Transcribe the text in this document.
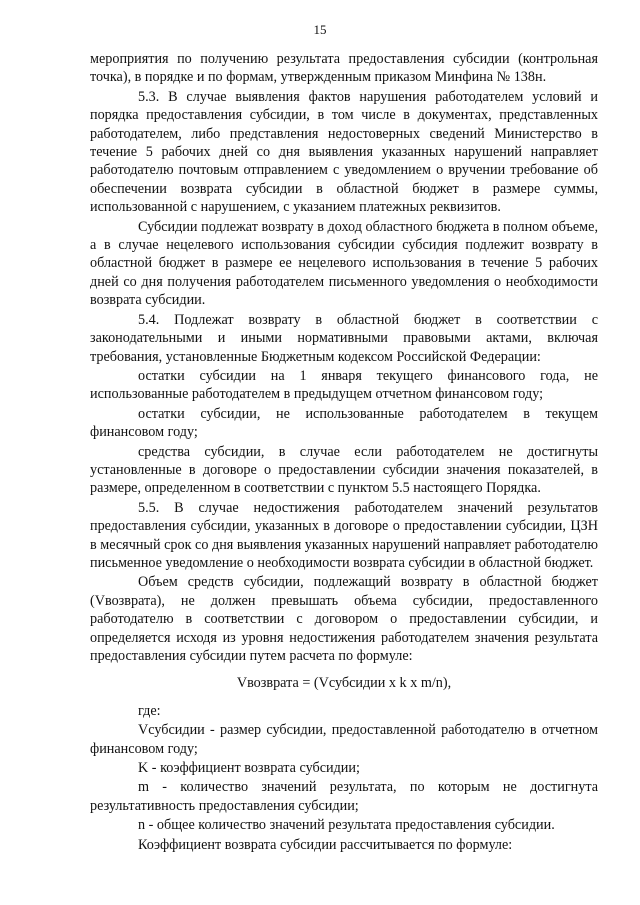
15

мероприятия по получению результата предоставления субсидии (контрольная точка), в порядке и по формам, утвержденным приказом Минфина № 138н.

5.3. В случае выявления фактов нарушения работодателем условий и порядка предоставления субсидии, в том числе в документах, представленных работодателем, либо представления недостоверных сведений Министерство в течение 5 рабочих дней со дня выявления указанных нарушений направляет работодателю почтовым отправлением с уведомлением о вручении требование об обеспечении возврата субсидии в областной бюджет в размере суммы, использованной с нарушением, с указанием платежных реквизитов.

Субсидии подлежат возврату в доход областного бюджета в полном объеме, а в случае нецелевого использования субсидии субсидия подлежит возврату в областной бюджет в размере ее нецелевого использования в течение 5 рабочих дней со дня получения работодателем письменного уведомления о необходимости возврата субсидии.

5.4. Подлежат возврату в областной бюджет в соответствии с законодательными и иными нормативными правовыми актами, включая требования, установленные Бюджетным кодексом Российской Федерации:

остатки субсидии на 1 января текущего финансового года, не использованные работодателем в предыдущем отчетном финансовом году;

остатки субсидии, не использованные работодателем в текущем финансовом году;

средства субсидии, в случае если работодателем не достигнуты установленные в договоре о предоставлении субсидии значения показателей, в размере, определенном в соответствии с пунктом 5.5 настоящего Порядка.

5.5. В случае недостижения работодателем значений результатов предоставления субсидии, указанных в договоре о предоставлении субсидии, ЦЗН в месячный срок со дня выявления указанных нарушений направляет работодателю письменное уведомление о необходимости возврата субсидии в областной бюджет.

Объем средств субсидии, подлежащий возврату в областной бюджет (Vвозврата), не должен превышать объема субсидии, предоставленного работодателю в соответствии с договором о предоставлении субсидии, и определяется исходя из уровня недостижения работодателем значения результата предоставления субсидии путем расчета по формуле:

Vвозврата = (Vсубсидии x k x m/n),

где:

Vсубсидии - размер субсидии, предоставленной работодателю в отчетном финансовом году;

K - коэффициент возврата субсидии;

m - количество значений результата, по которым не достигнута результативность предоставления субсидии;

n - общее количество значений результата предоставления субсидии.

Коэффициент возврата субсидии рассчитывается по формуле:
